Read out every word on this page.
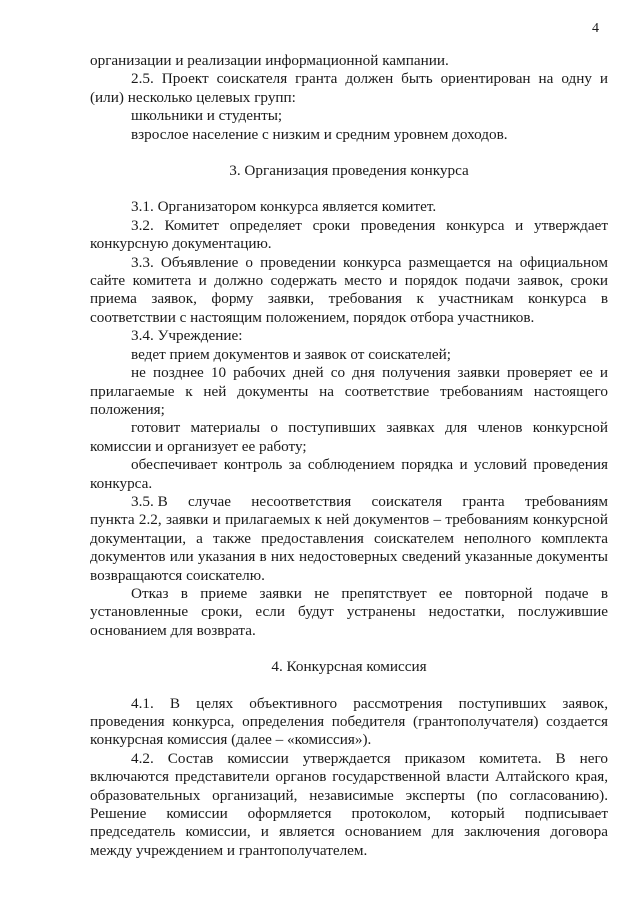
4

организации и реализации информационной кампании.

2.5. Проект соискателя гранта должен быть ориентирован на одну и (или) несколько целевых групп:

школьники и студенты;

взрослое население с низким и средним уровнем доходов.

3. Организация проведения конкурса

3.1. Организатором конкурса является комитет.

3.2. Комитет определяет сроки проведения конкурса и утверждает конкурсную документацию.

3.3. Объявление о проведении конкурса размещается на официальном сайте комитета и должно содержать место и порядок подачи заявок, сроки приема заявок, форму заявки, требования к участникам конкурса в соответствии с настоящим положением, порядок отбора участников.

3.4. Учреждение:

ведет прием документов и заявок от соискателей;

не позднее 10 рабочих дней со дня получения заявки проверяет ее и прилагаемые к ней документы на соответствие требованиям настоящего положения;

готовит материалы о поступивших заявках для членов конкурсной комиссии и организует ее работу;

обеспечивает контроль за соблюдением порядка и условий проведения конкурса.

3.5. В случае несоответствия соискателя гранта требованиям

пункта 2.2, заявки и прилагаемых к ней документов – требованиям конкурсной документации, а также предоставления соискателем неполного комплекта документов или указания в них недостоверных сведений указанные документы возвращаются соискателю.

Отказ в приеме заявки не препятствует ее повторной подаче в установленные сроки, если будут устранены недостатки, послужившие основанием для возврата.

4. Конкурсная комиссия

4.1. В целях объективного рассмотрения поступивших заявок, проведения конкурса, определения победителя (грантополучателя) создается конкурсная комиссия (далее – «комиссия»).

4.2. Состав комиссии утверждается приказом комитета. В него включаются представители органов государственной власти Алтайского края, образовательных организаций, независимые эксперты (по согласованию). Решение комиссии оформляется протоколом, который подписывает председатель комиссии, и является основанием для заключения договора между учреждением и грантополучателем.
